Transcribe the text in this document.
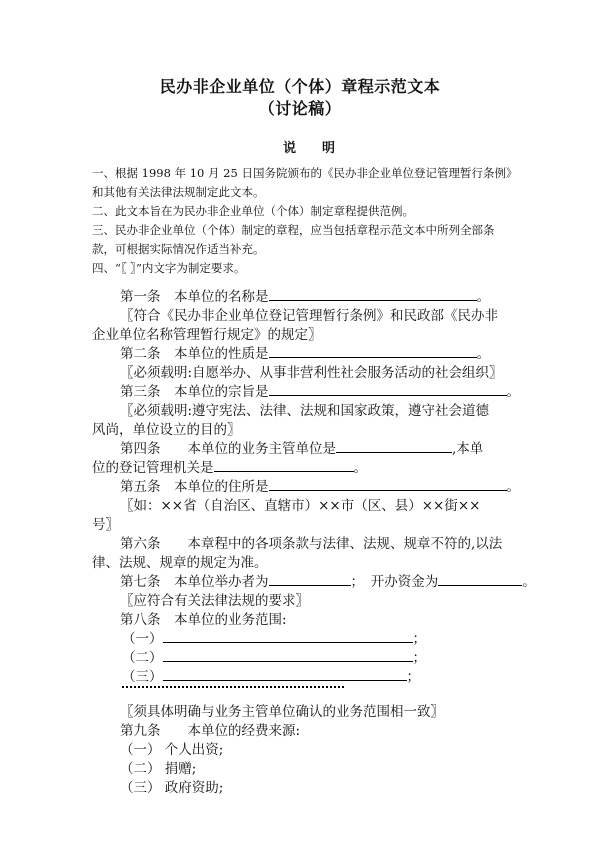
民办非企业单位（个体）章程示范文本
（讨论稿）
说　　明
一、根据 1998 年 10 月 25 日国务院颁布的《民办非企业单位登记管理暂行条例》
和其他有关法律法规制定此文本。
二、此文本旨在为民办非企业单位（个体）制定章程提供范例。
三、民办非企业单位（个体）制定的章程，应当包括章程示范文本中所列全部条
款，可根据实际情况作适当补充。
四、“〖 〗”内文字为制定要求。
第一条　本单位的名称是	。
〖符合《民办非企业单位登记管理暂行条例》和民政部《民办非
企业单位名称管理暂行规定》的规定〗
第二条　本单位的性质是	。
〖必须载明:自愿举办、从事非营利性社会服务活动的社会组织〗
第三条　本单位的宗旨是	。
〖必须载明:遵守宪法、法律、法规和国家政策，遵守社会道德
风尚，单位设立的目的〗
第四条　　本单位的业务主管单位是	,本单
位的登记管理机关是	。
第五条　本单位的住所是	。
〖如：××省（自治区、直辖市）××市（区、县）××街××
号〗
第六条　　本章程中的各项条款与法律、法规、规章不符的,以法
律、法规、规章的规定为准。
第七条　本单位举办者为	；　开办资金为	。
〖应符合有关法律法规的要求〗
第八条　本单位的业务范围:
（一）	；
（二）	；
（三）	；
〖须具体明确与业务主管单位确认的业务范围相一致〗
第九条　　本单位的经费来源:
（一） 个人出资;
（二） 捐赠;
（三） 政府资助;
